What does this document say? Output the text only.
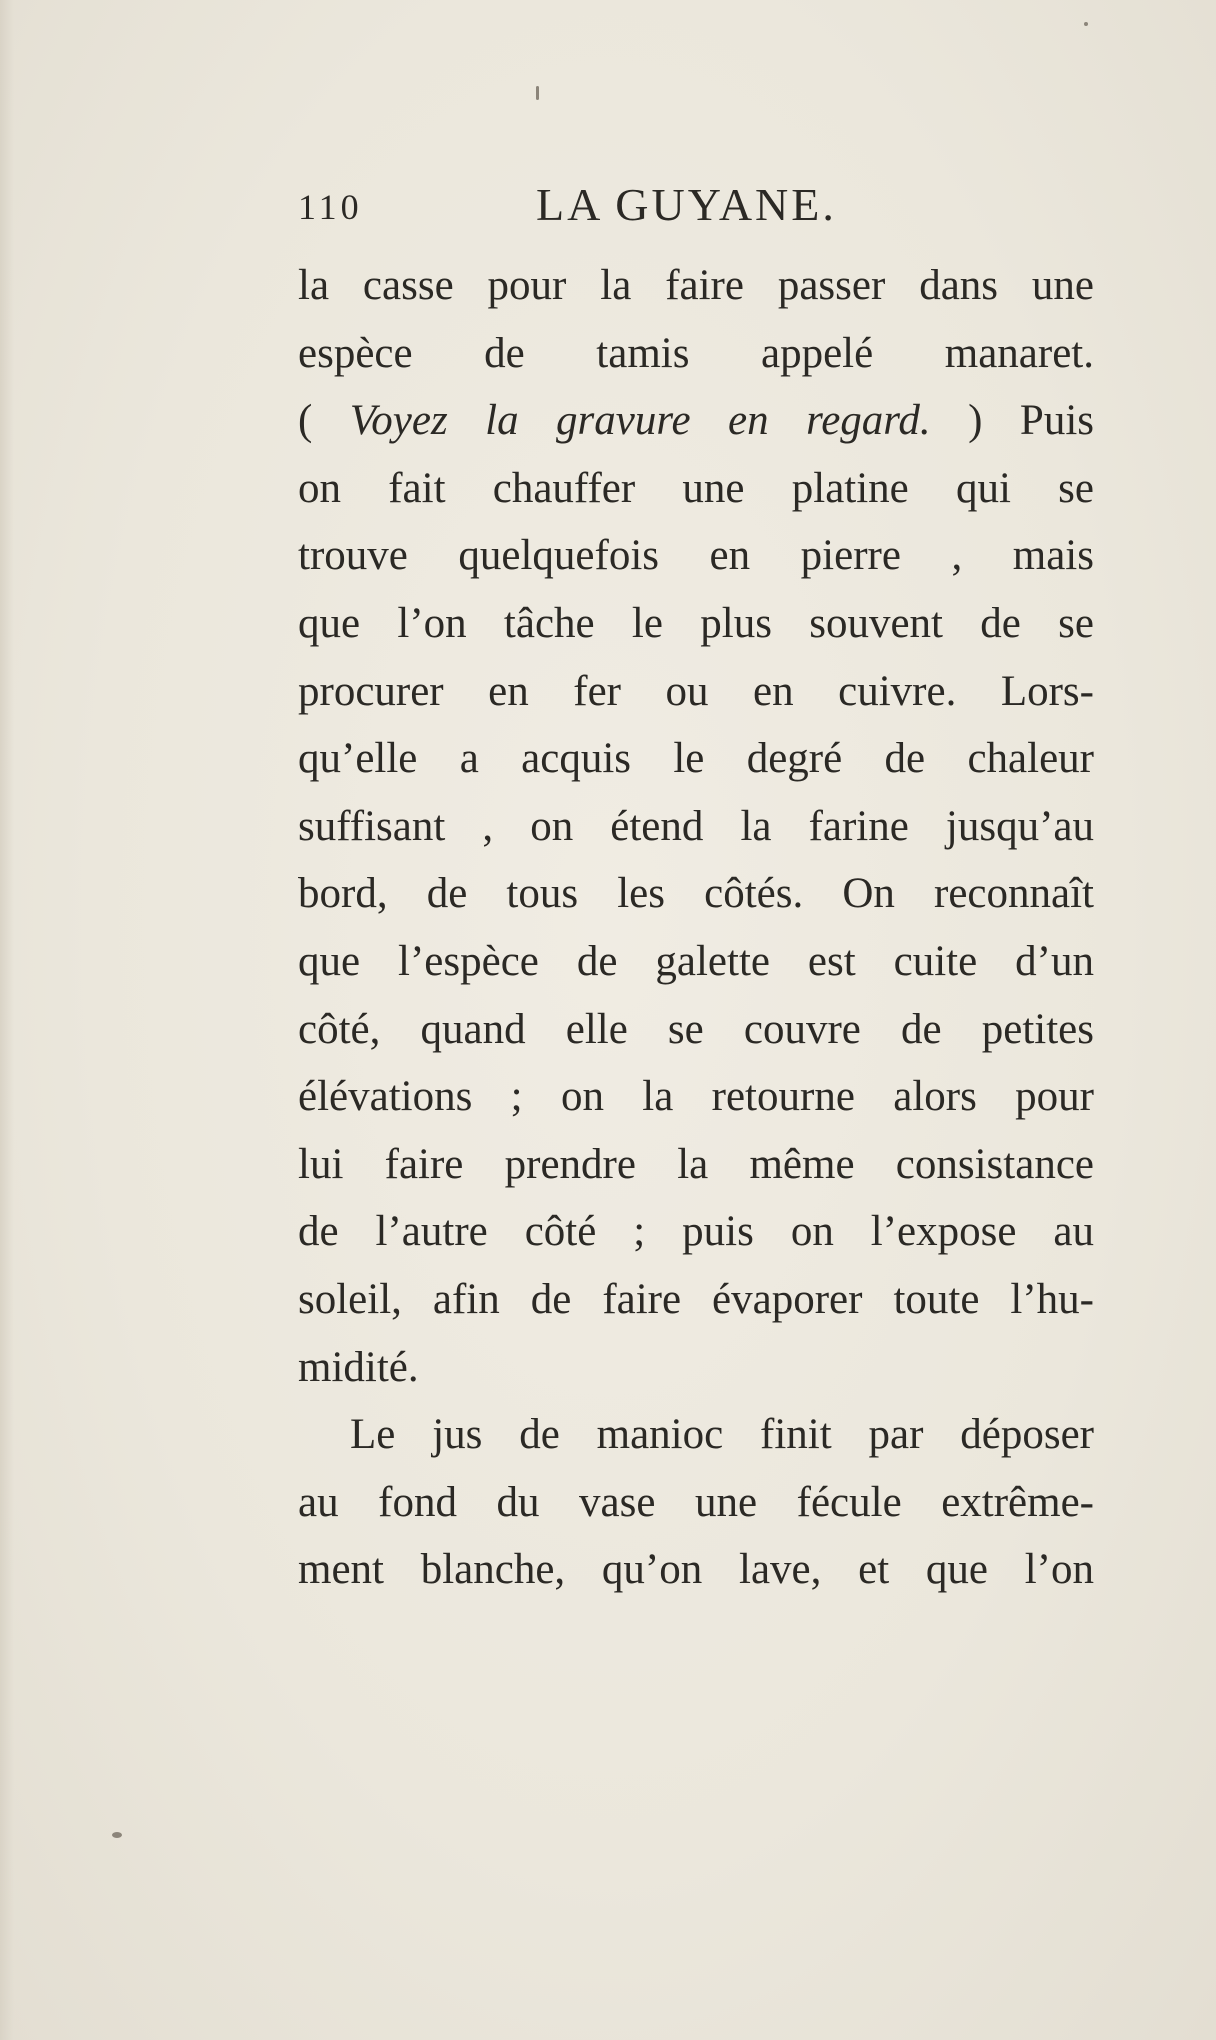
110	LA GUYANE.
la casse pour la faire passer dans une
espèce de tamis appelé manaret.
( Voyez la gravure en regard. ) Puis
on fait chauffer une platine qui se
trouve quelquefois en pierre , mais
que l’on tâche le plus souvent de se
procurer en fer ou en cuivre. Lors-
qu’elle a acquis le degré de chaleur
suffisant , on étend la farine jusqu’au
bord, de tous les côtés. On reconnaît
que l’espèce de galette est cuite d’un
côté, quand elle se couvre de petites
élévations ; on la retourne alors pour
lui faire prendre la même consistance
de l’autre côté ; puis on l’expose au
soleil, afin de faire évaporer toute l’hu-
midité.
Le jus de manioc finit par déposer
au fond du vase une fécule extrême-
ment blanche, qu’on lave, et que l’on
